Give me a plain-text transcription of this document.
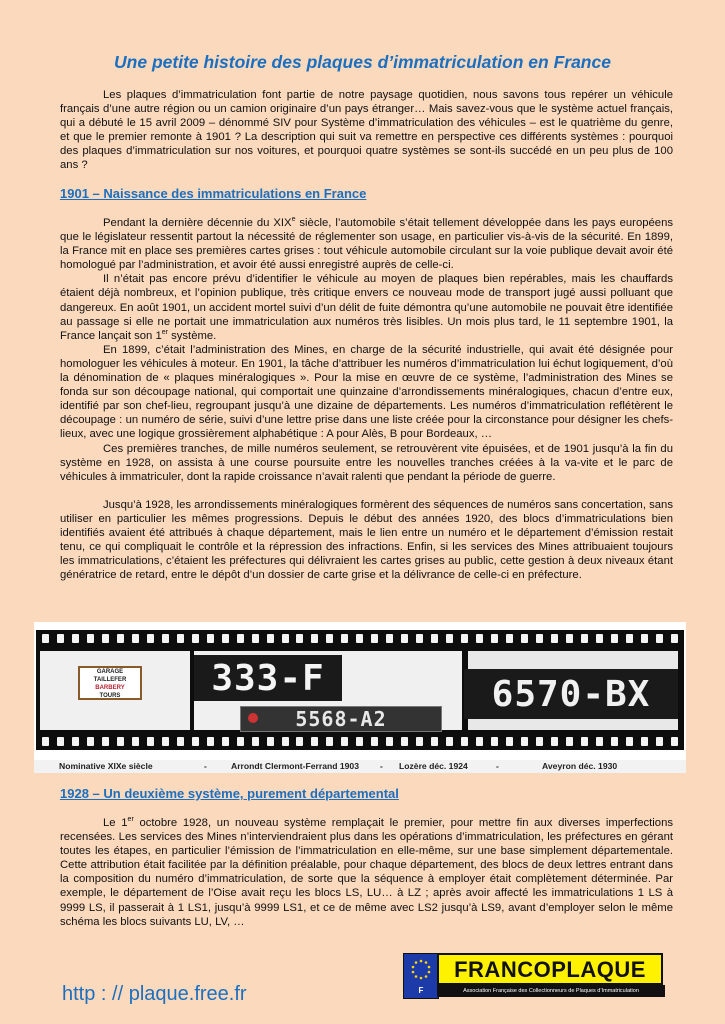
Une petite histoire des plaques d’immatriculation en France

Les plaques d’immatriculation font partie de notre paysage quotidien, nous savons tous repérer un véhicule français d’une autre région ou un camion originaire d’un pays étranger… Mais savez-vous que le système actuel français, qui a débuté le 15 avril 2009 – dénommé SIV pour Système d’immatriculation des véhicules – est le quatrième du genre, et que le premier remonte à 1901 ? La description qui suit va remettre en perspective ces différents systèmes : pourquoi des plaques d’immatriculation sur nos voitures, et pourquoi quatre systèmes se sont-ils succédé en un peu plus de 100 ans ?

1901 – Naissance des immatriculations en France

Pendant la dernière décennie du XIXe siècle, l’automobile s’était tellement développée dans les pays européens que le législateur ressentit partout la nécessité de réglementer son usage, en particulier vis-à-vis de la sécurité. En 1899, la France mit en place ses premières cartes grises : tout véhicule automobile circulant sur la voie publique devait avoir été homologué par l’administration, et avoir été aussi enregistré auprès de celle-ci.

Il n’était pas encore prévu d’identifier le véhicule au moyen de plaques bien repérables, mais les chauffards étaient déjà nombreux, et l’opinion publique, très critique envers ce nouveau mode de transport jugé aussi polluant que dangereux. En août 1901, un accident mortel suivi d’un délit de fuite démontra qu’une automobile ne pouvait être identifiée au passage si elle ne portait une immatriculation aux numéros très lisibles. Un mois plus tard, le 11 septembre 1901, la France lançait son 1er système.

En 1899, c’était l’administration des Mines, en charge de la sécurité industrielle, qui avait été désignée pour homologuer les véhicules à moteur. En 1901, la tâche d’attribuer les numéros d’immatriculation lui échut logiquement, d’où la dénomination de « plaques minéralogiques ». Pour la mise en œuvre de ce système, l’administration des Mines se fonda sur son découpage national, qui comportait une quinzaine d’arrondissements minéralogiques, chacun d’entre eux, identifié par son chef-lieu, regroupant jusqu’à une dizaine de départements. Les numéros d’immatriculation reflétèrent le découpage : un numéro de série, suivi d’une lettre prise dans une liste créée pour la circonstance pour désigner les chefs-lieux, avec une logique grossièrement alphabétique : A pour Alès, B pour Bordeaux, …

Ces premières tranches, de mille numéros seulement, se retrouvèrent vite épuisées, et de 1901 jusqu’à la fin du système en 1928, on assista à une course poursuite entre les nouvelles tranches créées à la va-vite et le parc de véhicules à immatriculer, dont la rapide croissance n’avait ralenti que pendant la période de guerre.

Jusqu’à 1928, les arrondissements minéralogiques formèrent des séquences de numéros sans concertation, sans utiliser en particulier les mêmes progressions. Depuis le début des années 1920, des blocs d’immatriculations bien identifiés avaient été attribués à chaque département, mais le lien entre un numéro et le département d’émission restait tenu, ce qui compliquait le contrôle et la répression des infractions. Enfin, si les services des Mines attribuaient toujours les immatriculations, c’étaient les préfectures qui délivraient les cartes grises au public, cette gestion à deux niveaux étant génératrice de retard, entre le dépôt d’un dossier de carte grise et la délivrance de celle-ci en préfecture.

GARAGE TAILLEFER
BARBERY
TOURS	333-F
5568-A2
6570-BX
Nominative XIXe siècle	-	Arrondt Clermont-Ferrand 1903 - Lozère déc. 1924	-	Aveyron déc. 1930
1928 – Un deuxième système, purement départemental

Le 1er octobre 1928, un nouveau système remplaçait le premier, pour mettre fin aux diverses imperfections recensées. Les services des Mines n’interviendraient plus dans les opérations d’immatriculation, les préfectures en gérant toutes les étapes, en particulier l’émission de l’immatriculation en elle-même, sur une base simplement départementale. Cette attribution était facilitée par la définition préalable, pour chaque département, des blocs de deux lettres entrant dans la composition du numéro d’immatriculation, de sorte que la séquence à employer était complètement déterminée. Par exemple, le département de l’Oise avait reçu les blocs LS, LU… à LZ ; après avoir affecté les immatriculations 1 LS à 9999 LS, il passerait à 1 LS1, jusqu’à 9999 LS1, et ce de même avec LS2 jusqu’à LS9, avant d’employer selon le même schéma les blocs suivants LU, LV, …

F
FRANCOPLAQUE
Association Française des Collectionneurs de Plaques d’Immatriculation
http : // plaque.free.fr
